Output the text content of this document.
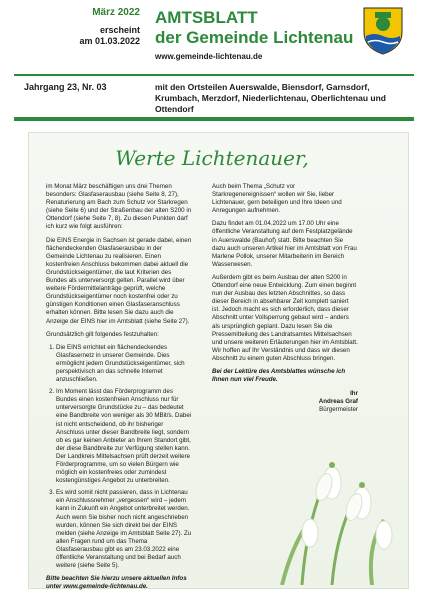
März 2022
erscheint
am 01.03.2022
AMTSBLATT
der Gemeinde Lichtenau
www.gemeinde-lichtenau.de
Jahrgang 23, Nr. 03	mit den Ortsteilen Auerswalde, Biensdorf, Garnsdorf, Krumbach, Merzdorf, Niederlichtenau, Oberlichtenau und Ottendorf
Werte Lichtenauer,

im Monat März beschäftigen uns drei Themen besonders: Glasfaserausbau (siehe Seite 8, 27), Renaturierung am Bach zum Schutz vor Starkregen (siehe Seite 6) und der Straßenbau der alten S200 in Ottendorf (siehe Seite 7, 8). Zu diesen Punkten darf ich kurz wie folgt ausführen:

Die EINS Energie in Sachsen ist gerade dabei, einen flächendeckenden Glasfaserausbau in der Gemeinde Lichtenau zu realisieren. Einen kostenfreien Anschluss bekommen dabei aktuell die Grundstückseigentümer, die laut Kriterien des Bundes als unterversorgt gelten. Parallel wird über weitere Fördermittelanträge geprüft, welche Grundstückseigentümer noch kostenfrei oder zu günstigen Konditionen einen Glasfaseranschluss erhalten können. Bitte lesen Sie dazu auch die Anzeige der EINS hier im Amtsblatt (siehe Seite 27).

Grundsätzlich gilt folgendes festzuhalten:

1. Die EINS errichtet ein flächendeckendes Glasfasernetz in unserer Gemeinde. Dies ermöglicht jedem Grundstückseigentümer, sich perspektivisch an das schnelle Internet anzuschließen.
2. Im Moment lässt das Förderprogramm des Bundes einen kostenfreien Anschluss nur für unterversorgte Grundstücke zu – das bedeutet eine Bandbreite von weniger als 30 MBit/s. Dabei ist nicht entscheidend, ob ihr bisheriger Anschluss unter dieser Bandbreite liegt, sondern ob es gar keinen Anbieter an Ihrem Standort gibt, der diese Bandbreite zur Verfügung stellen kann. Der Landkreis Mittelsachsen prüft derzeit weitere Förderprogramme, um so vielen Bürgern wie möglich ein kostenfreies oder zumindest kostengünstiges Angebot zu unterbreiten.
3. Es wird somit nicht passieren, dass in Lichtenau ein Anschlussnehmer „vergessen“ wird – jedem kann in Zukunft ein Angebot unterbreitet werden. Auch wenn Sie bisher noch nicht angeschrieben wurden, können Sie sich direkt bei der EINS melden (siehe Anzeige im Amtsblatt Seite 27). Zu allen Fragen rund um das Thema Glasfaserausbau gibt es am 23.03.2022 eine öffentliche Veranstaltung und bei Bedarf auch weitere (siehe Seite 5).

Bitte beachten Sie hierzu unsere aktuellen Infos unter www.gemeinde-lichtenau.de.

Auch beim Thema „Schutz vor Starkregenereignissen“ wollen wir Sie, lieber Lichtenauer, gern beteiligen und Ihre Ideen und Anregungen aufnehmen.

Dazu findet am 01.04.2022 um 17.00 Uhr eine öffentliche Veranstaltung auf dem Festplatzgelände in Auerswalde (Bauhof) statt. Bitte beachten Sie dazu auch unseren Artikel hier im Amtsblatt von Frau Marlene Pollok, unserer Mitarbeiterin im Bereich Wasserwesen.

Außerdem gibt es beim Ausbau der alten S200 in Ottendorf eine neue Entwicklung. Zum einen beginnt nun der Ausbau des letzten Abschnittes, so dass dieser Bereich in absehbarer Zeit komplett saniert ist. Jedoch macht es sich erforderlich, dass dieser Abschnitt unter Vollsperrung gebaut wird – anders als ursprünglich geplant. Dazu lesen Sie die Pressemitteilung des Landratsamtes Mittelsachsen und unsere weiteren Erläuterungen hier im Amtsblatt. Wir hoffen auf Ihr Verständnis und dass wir diesen Abschnitt zu einem guten Abschluss bringen.

Bei der Lektüre des Amtsblattes wünsche ich Ihnen nun viel Freude.

Ihr
Andreas Graf
Bürgermeister
